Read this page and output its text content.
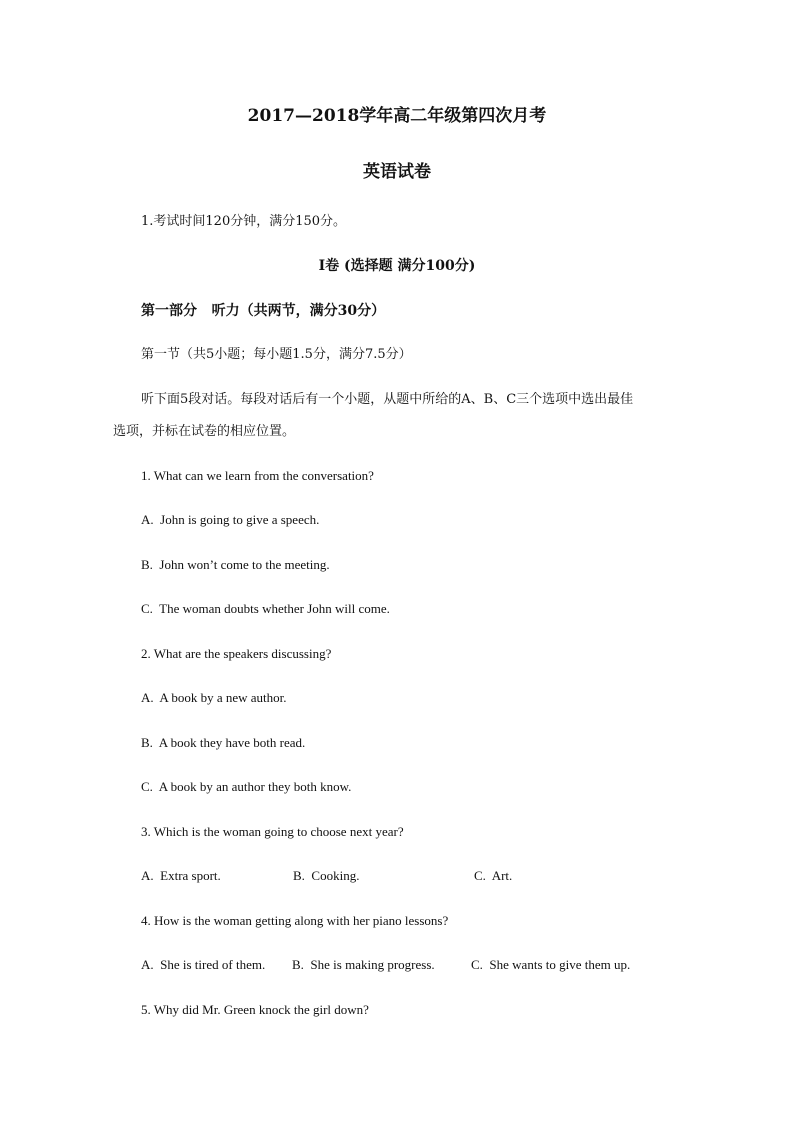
2017—2018学年高二年级第四次月考
英语试卷
1.考试时间120分钟，满分150分。
I卷 (选择题 满分100分)
第一部分   听力（共两节，满分30分）
第一节（共5小题；每小题1.5分，满分7.5分）
听下面5段对话。每段对话后有一个小题，从题中所给的A、B、C三个选项中选出最佳
选项，并标在试卷的相应位置。
1. What can we learn from the conversation?
A.  John is going to give a speech.
B.  John won’t come to the meeting.
C.  The woman doubts whether John will come.
2. What are the speakers discussing?
A.  A book by a new author.
B.  A book they have both read.
C.  A book by an author they both know.
3. Which is the woman going to choose next year?
A.  Extra sport.	B.  Cooking.	C.  Art.
4. How is the woman getting along with her piano lessons?
A.  She is tired of them. B.  She is making progress.	C.  She wants to give them up.
5. Why did Mr. Green knock the girl down?
